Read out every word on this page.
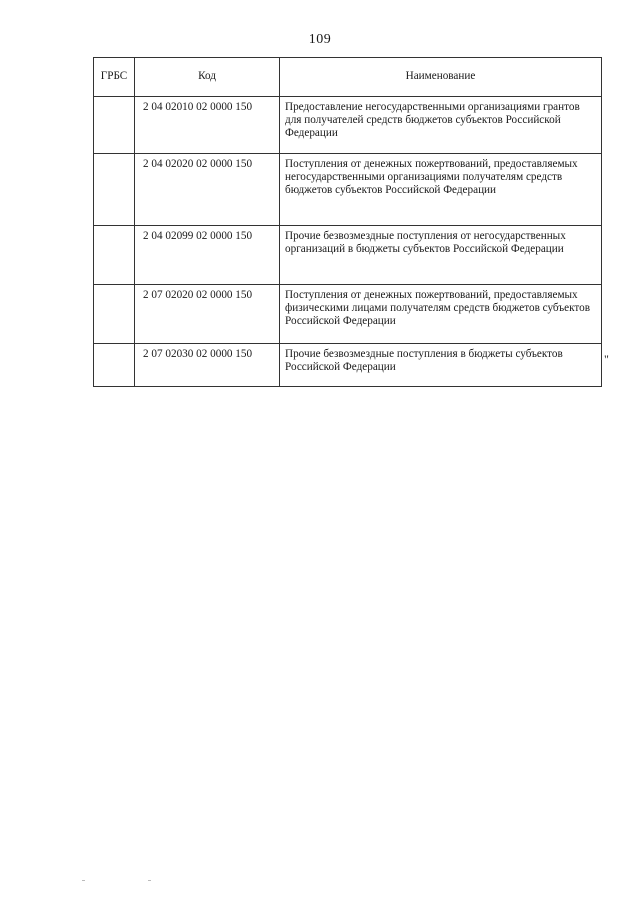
109
ГРБС	Код	Наименование
	2 04 02010 02 0000 150	Предоставление негосударственными организациями грантов для получателей средств бюджетов субъектов Российской Федерации
	2 04 02020 02 0000 150	Поступления от денежных пожертвований, предоставляемых негосударственными организациями получателям средств бюджетов субъектов Российской Федерации
	2 04 02099 02 0000 150	Прочие безвозмездные поступления от негосударственных организаций в бюджеты субъектов Российской Федерации
	2 07 02020 02 0000 150	Поступления от денежных пожертвований, предоставляемых физическими лицами получателям средств бюджетов субъектов Российской Федерации
	2 07 02030 02 0000 150	Прочие безвозмездные поступления в бюджеты субъектов Российской Федерации
"
